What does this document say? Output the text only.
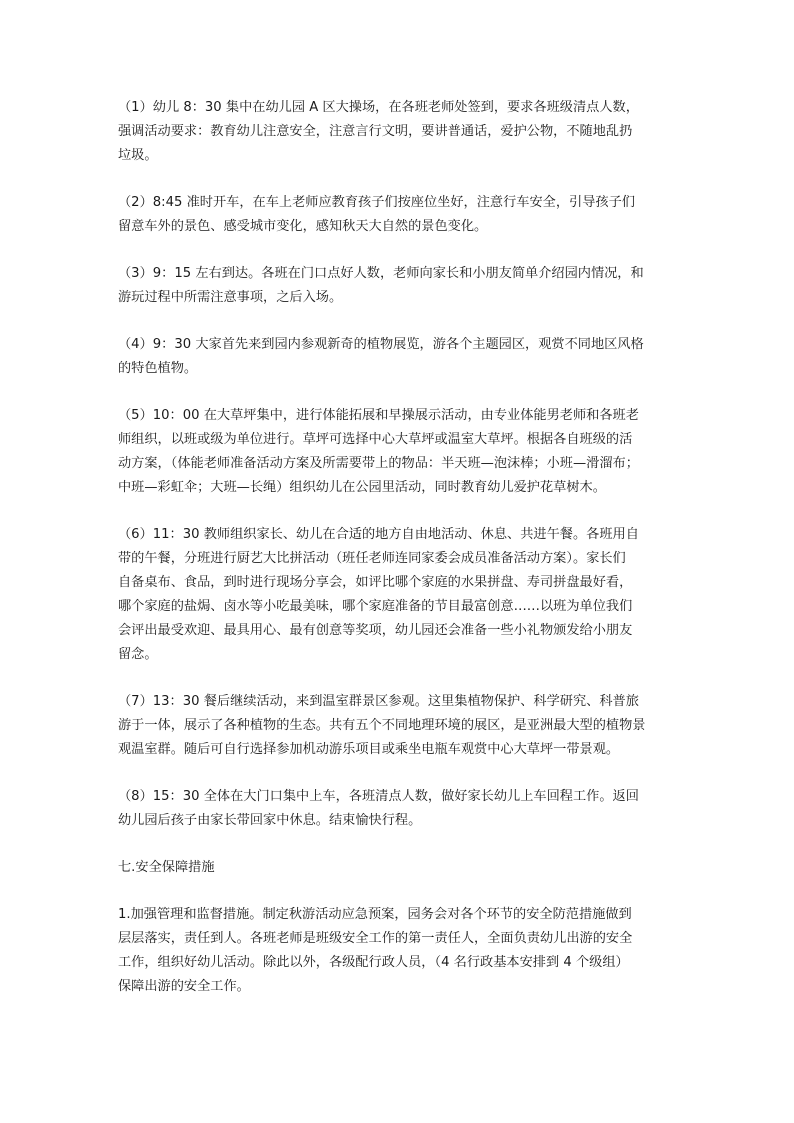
（1）幼儿 8：30 集中在幼儿园 A 区大操场，在各班老师处签到，要求各班级清点人数，
强调活动要求：教育幼儿注意安全，注意言行文明，要讲普通话，爱护公物，不随地乱扔
垃圾。

（2）8:45 准时开车，在车上老师应教育孩子们按座位坐好，注意行车安全，引导孩子们
留意车外的景色、感受城市变化，感知秋天大自然的景色变化。

（3）9：15 左右到达。各班在门口点好人数，老师向家长和小朋友简单介绍园内情况，和
游玩过程中所需注意事项，之后入场。

（4）9：30 大家首先来到园内参观新奇的植物展览，游各个主题园区，观赏不同地区风格
的特色植物。

（5）10：00 在大草坪集中，进行体能拓展和早操展示活动，由专业体能男老师和各班老
师组织，以班或级为单位进行。草坪可选择中心大草坪或温室大草坪。根据各自班级的活
动方案，（体能老师准备活动方案及所需要带上的物品：半天班—泡沫棒；小班—滑溜布；
中班—彩虹伞；大班—长绳）组织幼儿在公园里活动，同时教育幼儿爱护花草树木。

（6）11：30 教师组织家长、幼儿在合适的地方自由地活动、休息、共进午餐。各班用自
带的午餐，分班进行厨艺大比拼活动（班任老师连同家委会成员准备活动方案）。家长们
自备桌布、食品，到时进行现场分享会，如评比哪个家庭的水果拼盘、寿司拼盘最好看，
哪个家庭的盐焗、卤水等小吃最美味，哪个家庭准备的节目最富创意……以班为单位我们
会评出最受欢迎、最具用心、最有创意等奖项，幼儿园还会准备一些小礼物颁发给小朋友
留念。

（7）13：30 餐后继续活动，来到温室群景区参观。这里集植物保护、科学研究、科普旅
游于一体，展示了各种植物的生态。共有五个不同地理环境的展区，是亚洲最大型的植物景
观温室群。随后可自行选择参加机动游乐项目或乘坐电瓶车观赏中心大草坪一带景观。

（8）15：30 全体在大门口集中上车，各班清点人数，做好家长幼儿上车回程工作。返回
幼儿园后孩子由家长带回家中休息。结束愉快行程。

七.安全保障措施

1.加强管理和监督措施。制定秋游活动应急预案，园务会对各个环节的安全防范措施做到
层层落实，责任到人。各班老师是班级安全工作的第一责任人，全面负责幼儿出游的安全
工作，组织好幼儿活动。除此以外，各级配行政人员，（4 名行政基本安排到 4 个级组）
保障出游的安全工作。
